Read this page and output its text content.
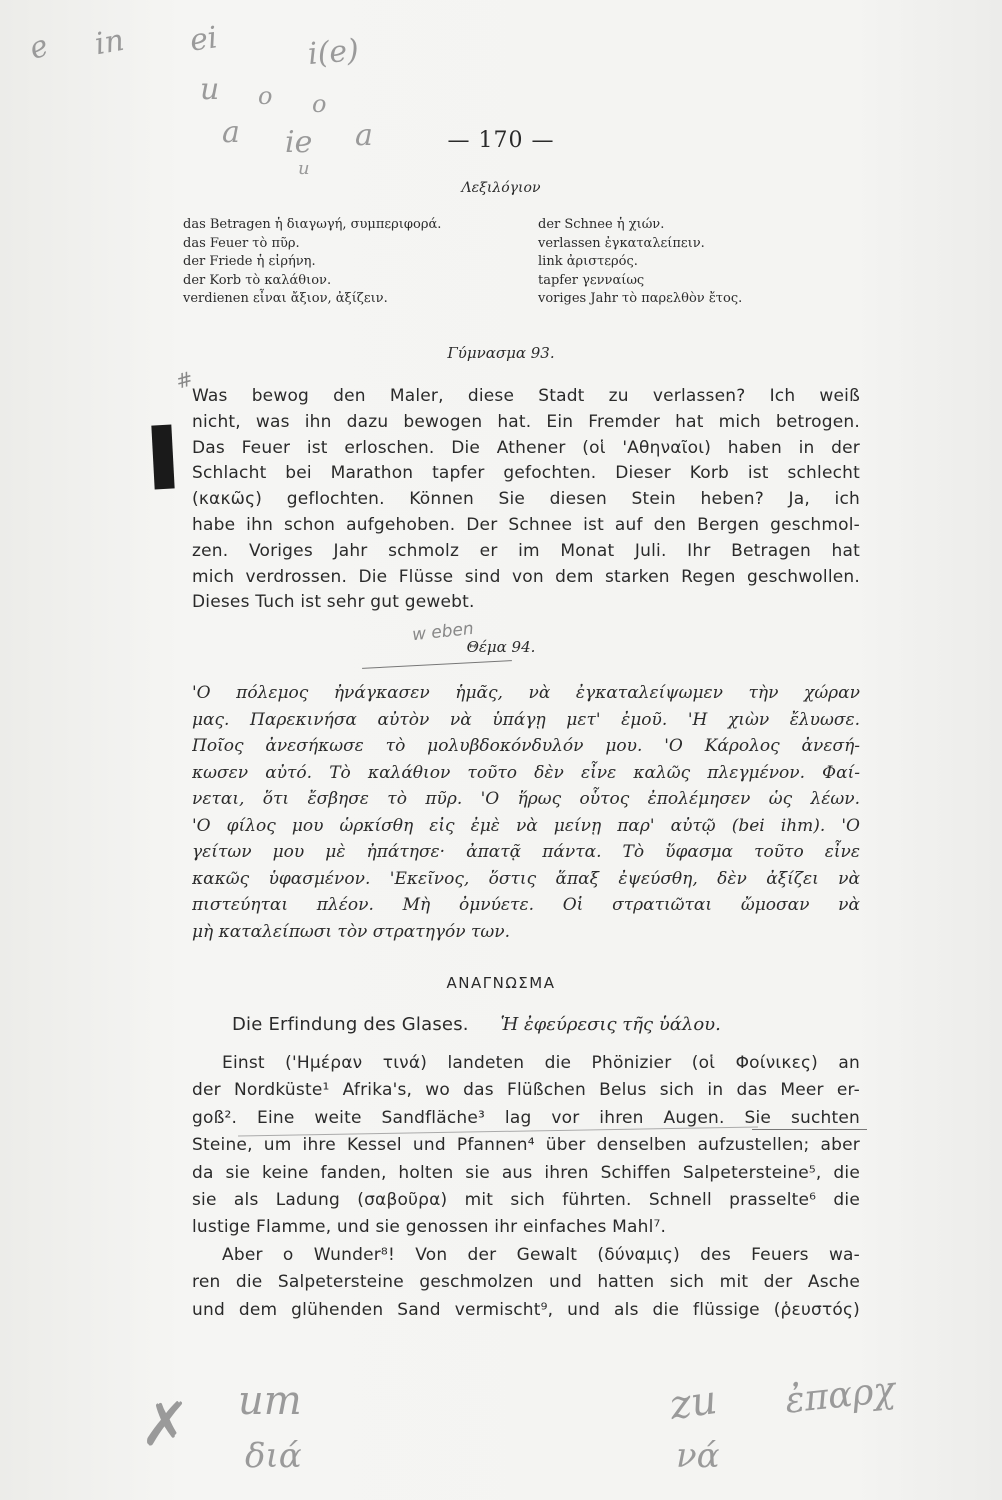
e in ei	i(e)
u o o
a ie a
u
— 170 —
Λεξιλόγιον
das Betragen ἡ διαγωγή, συμπεριφορά.
das Feuer τὸ πῦρ.
der Friede ἡ εἰρήνη.
der Korb τὸ καλάθιον.
verdienen εἶναι ἄξιον, ἀξίζειν.
der Schnee ἡ χιών.
verlassen ἐγκαταλείπειν.
link ἀριστερός.
tapfer γενναίως
voriges Jahr τὸ παρελθὸν ἔτος.
Γύμνασμα 93.
#
Was bewog den Maler, diese Stadt zu verlassen? Ich weiß
nicht, was ihn dazu bewogen hat. Ein Fremder hat mich betrogen.
Das Feuer ist erloschen. Die Athener (οἱ 'Αθηναῖοι) haben in der
Schlacht bei Marathon tapfer gefochten. Dieser Korb ist schlecht
(κακῶς) geflochten. Können Sie diesen Stein heben? Ja, ich
habe ihn schon aufgehoben. Der Schnee ist auf den Bergen geschmol-
zen. Voriges Jahr schmolz er im Monat Juli. Ihr Betragen hat
mich verdrossen. Die Flüsse sind von dem starken Regen geschwollen.
Dieses Tuch ist sehr gut gewebt.
w eben
Θέμα 94.
'Ο πόλεμος ἠνάγκασεν ἡμᾶς, νὰ ἐγκαταλείψωμεν τὴν χώραν
μας. Παρεκινήσα αὐτὸν νὰ ὑπάγῃ μετ' ἐμοῦ. 'Η χιὼν ἔλυωσε.
Ποῖος ἀνεσήκωσε τὸ μολυβδοκόνδυλόν μου. 'Ο Κάρολος ἀνεσή-
κωσεν αὐτό. Τὸ καλάθιον τοῦτο δὲν εἶνε καλῶς πλεγμένον. Φαί-
νεται, ὅτι ἔσβησε τὸ πῦρ. 'Ο ἥρως οὗτος ἐπολέμησεν ὡς λέων.
'Ο φίλος μου ὡρκίσθη εἰς ἐμὲ νὰ μείνῃ παρ' αὐτῷ (bei ihm). 'Ο
γείτων μου μὲ ἠπάτησε· ἀπατᾷ πάντα. Τὸ ὕφασμα τοῦτο εἶνε
κακῶς ὑφασμένον. 'Εκεῖνος, ὅστις ἅπαξ ἐψεύσθη, δὲν ἀξίζει νὰ
πιστεύηται πλέον. Μὴ ὀμνύετε. Οἱ στρατιῶται ὤμοσαν νὰ
μὴ καταλείπωσι τὸν στρατηγόν των.
ΑΝΑΓΝΩΣΜΑ
Die Erfindung des Glases. Ἡ ἐφεύρεσις τῆς ὑάλου.
Einst ('Ημέραν τινά) landeten die Phönizier (οἱ Φοίνικες) an
der Nordküste¹ Afrika's, wo das Flüßchen Belus sich in das Meer er-
goß². Eine weite Sandfläche³ lag vor ihren Augen. Sie suchten
Steine, um ihre Kessel und Pfannen⁴ über denselben aufzustellen; aber
da sie keine fanden, holten sie aus ihren Schiffen Salpetersteine⁵, die
sie als Ladung (σαβοῦρα) mit sich führten. Schnell prasselte⁶ die
lustige Flamme, und sie genossen ihr einfaches Mahl⁷.
Aber o Wunder⁸! Von der Gewalt (δύναμις) des Feuers wa-
ren die Salpetersteine geschmolzen und hatten sich mit der Asche
und dem glühenden Sand vermischt⁹, und als die flüssige (ῥευστός)
✗ um
διά
zu ἐπαρχ
νά
